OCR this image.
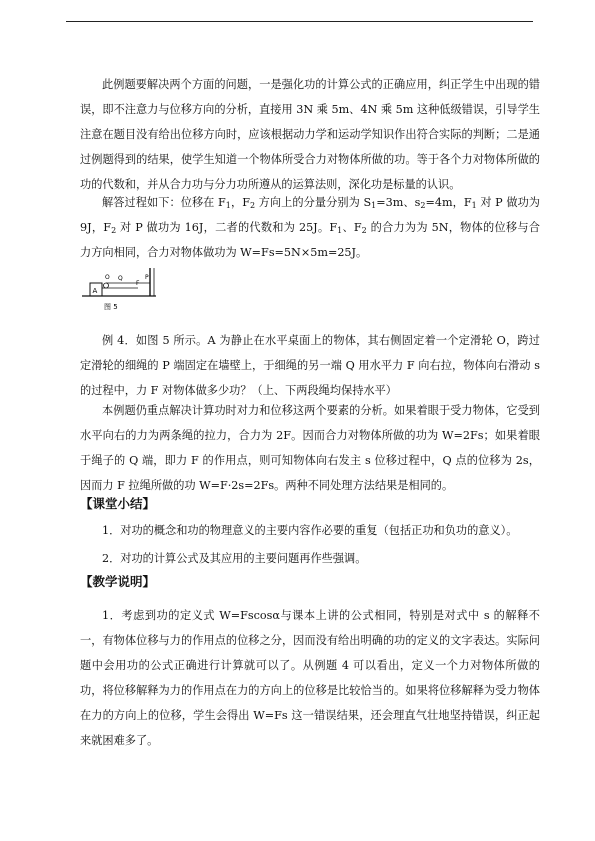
此例题要解决两个方面的问题，一是强化功的计算公式的正确应用，纠正学生中出现的错误，即不注意力与位移方向的分析，直接用 3N 乘 5m、4N 乘 5m 这种低级错误，引导学生注意在题目没有给出位移方向时，应该根据动力学和运动学知识作出符合实际的判断；二是通过例题得到的结果，使学生知道一个物体所受合力对物体所做的功。等于各个力对物体所做的功的代数和，并从合力功与分力功所遵从的运算法则，深化功是标量的认识。

解答过程如下：位移在 $F_1$，$F_2$ 方向上的分量分别为 $S_1=3m$、$s_2=4m$，$F_1$ 对 P 做功为 9J，$F_2$ 对 P 做功为 16J，二者的代数和为 25J。$F_1$、$F_2$ 的合力为为 5N，物体的位移与合力方向相同，合力对物体做功为 W=Fs=5N×5m=25J。

A
O Q
F
P
图 5

例 4．如图 5 所示。A 为静止在水平桌面上的物体，其右侧固定着一个定滑轮 O，跨过定滑轮的细绳的 P 端固定在墙壁上，于细绳的另一端 Q 用水平力 F 向右拉，物体向右滑动 s 的过程中，力 F 对物体做多少功？（上、下两段绳均保持水平）

本例题仍重点解决计算功时对力和位移这两个要素的分析。如果着眼于受力物体，它受到水平向右的力为两条绳的拉力，合力为 2F。因而合力对物体所做的功为 W=2Fs；如果着眼于绳子的 Q 端，即力 F 的作用点，则可知物体向右发主 s 位移过程中，Q 点的位移为 2s，因而力 F 拉绳所做的功 W=F·2s=2Fs。两种不同处理方法结果是相同的。

【课堂小结】

1．对功的概念和功的物理意义的主要内容作必要的重复（包括正功和负功的意义）。

2．对功的计算公式及其应用的主要问题再作些强调。

【教学说明】

1．考虑到功的定义式 W=Fscosα与课本上讲的公式相同，特别是对式中 s 的解释不一，有物体位移与力的作用点的位移之分，因而没有给出明确的功的定义的文字表达。实际问题中会用功的公式正确进行计算就可以了。从例题 4 可以看出，定义一个力对物体所做的功，将位移解释为力的作用点在力的方向上的位移是比较恰当的。如果将位移解释为受力物体在力的方向上的位移，学生会得出 W=Fs 这一错误结果，还会理直气壮地坚持错误，纠正起来就困难多了。
